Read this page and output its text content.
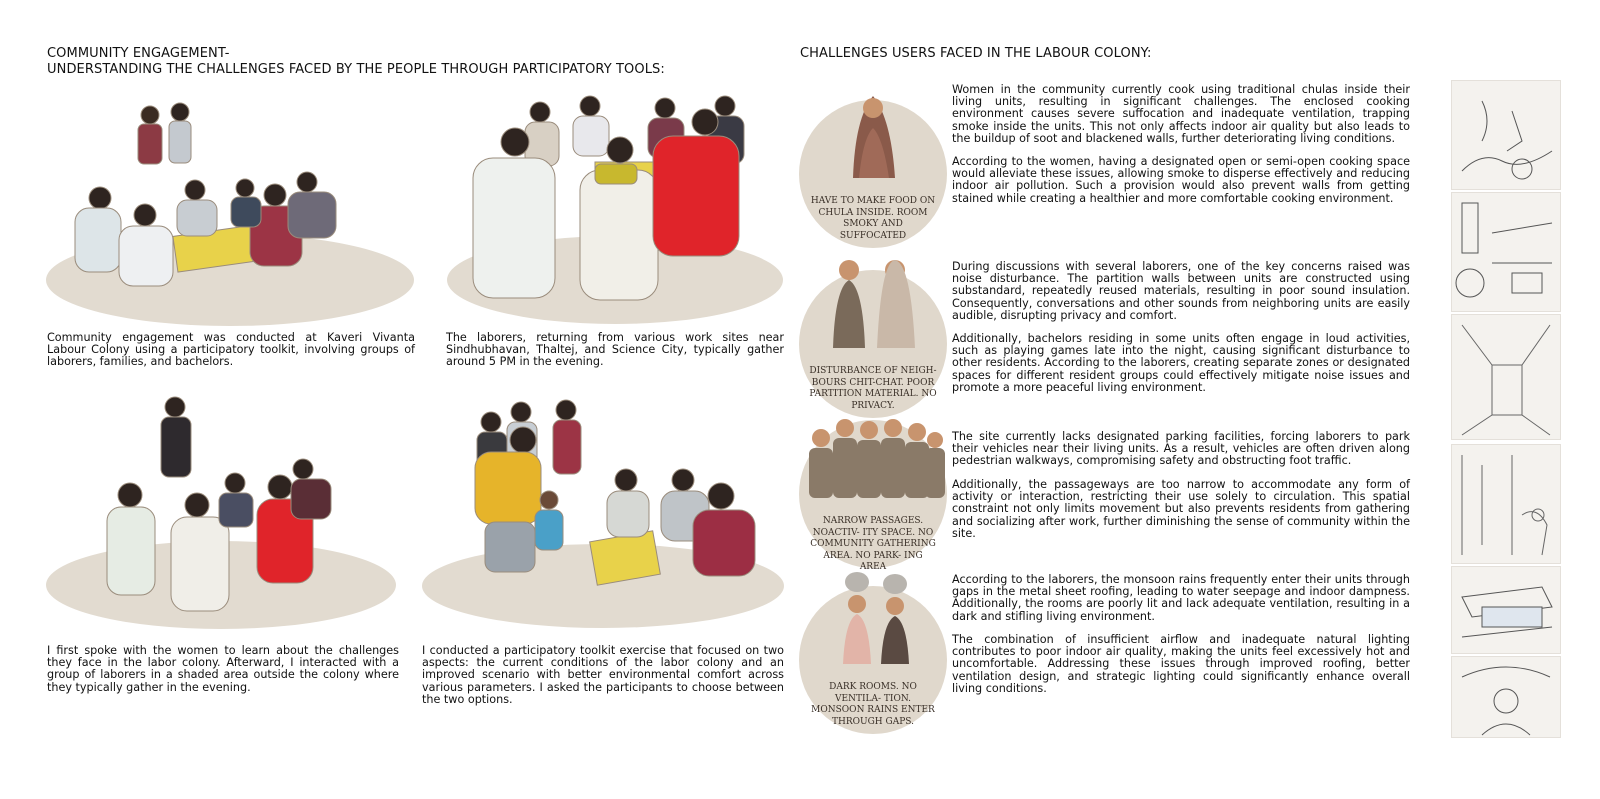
COMMUNITY ENGAGEMENT-
UNDERSTANDING THE CHALLENGES FACED BY THE PEOPLE THROUGH PARTICIPATORY TOOLS:

Community engagement was conducted at Kaveri Vivanta Labour Colony using a participatory toolkit, involving groups of laborers, families, and bachelors.

The laborers, returning from various work sites near Sindhubhavan, Thaltej, and Science City, typically gather around 5 PM in the evening.

I first spoke with the women to learn about the challenges they face in the labor colony. Afterward, I interacted with a group of laborers in a shaded area outside the colony where they typically gather in the evening.

I conducted a participatory toolkit exercise that focused on two aspects: the current conditions of the labor colony and an improved scenario with better environmental comfort across various parameters. I asked the participants to choose between the two options.

CHALLENGES USERS FACED IN THE LABOUR COLONY:
HAVE TO MAKE FOOD ON CHULA INSIDE. ROOM SMOKY AND SUFFOCATED
DISTURBANCE OF NEIGH- BOURS CHIT-CHAT. POOR PARTITION MATERIAL. NO PRIVACY.
NARROW PASSAGES. NOACTIV- ITY SPACE. NO COMMUNITY GATHERING AREA. NO PARK- ING AREA
DARK ROOMS. NO VENTILA- TION. MONSOON RAINS ENTER THROUGH GAPS.

Women in the community currently cook using traditional chulas inside their living units, resulting in significant challenges. The enclosed cooking environment causes severe suffocation and inadequate ventilation, trapping smoke inside the units. This not only affects indoor air quality but also leads to the buildup of soot and blackened walls, further deteriorating living conditions.

According to the women, having a designated open or semi-open cooking space would alleviate these issues, allowing smoke to disperse effectively and reducing indoor air pollution. Such a provision would also prevent walls from getting stained while creating a healthier and more comfortable cooking environment.

During discussions with several laborers, one of the key concerns raised was noise disturbance. The partition walls between units are constructed using substandard, repeatedly reused materials, resulting in poor sound insulation. Consequently, conversations and other sounds from neighboring units are easily audible, disrupting privacy and comfort.

Additionally, bachelors residing in some units often engage in loud activities, such as playing games late into the night, causing significant disturbance to other residents. According to the laborers, creating separate zones or designated spaces for different resident groups could effectively mitigate noise issues and promote a more peaceful living environment.

The site currently lacks designated parking facilities, forcing laborers to park their vehicles near their living units. As a result, vehicles are often driven along pedestrian walkways, compromising safety and obstructing foot traffic.

Additionally, the passageways are too narrow to accommodate any form of activity or interaction, restricting their use solely to circulation. This spatial constraint not only limits movement but also prevents residents from gathering and socializing after work, further diminishing the sense of community within the site.

According to the laborers, the monsoon rains frequently enter their units through gaps in the metal sheet roofing, leading to water seepage and indoor dampness. Additionally, the rooms are poorly lit and lack adequate ventilation, resulting in a dark and stifling living environment.

The combination of insufficient airflow and inadequate natural lighting contributes to poor indoor air quality, making the units feel excessively hot and uncomfortable. Addressing these issues through improved roofing, better ventilation design, and strategic lighting could significantly enhance overall living conditions.
